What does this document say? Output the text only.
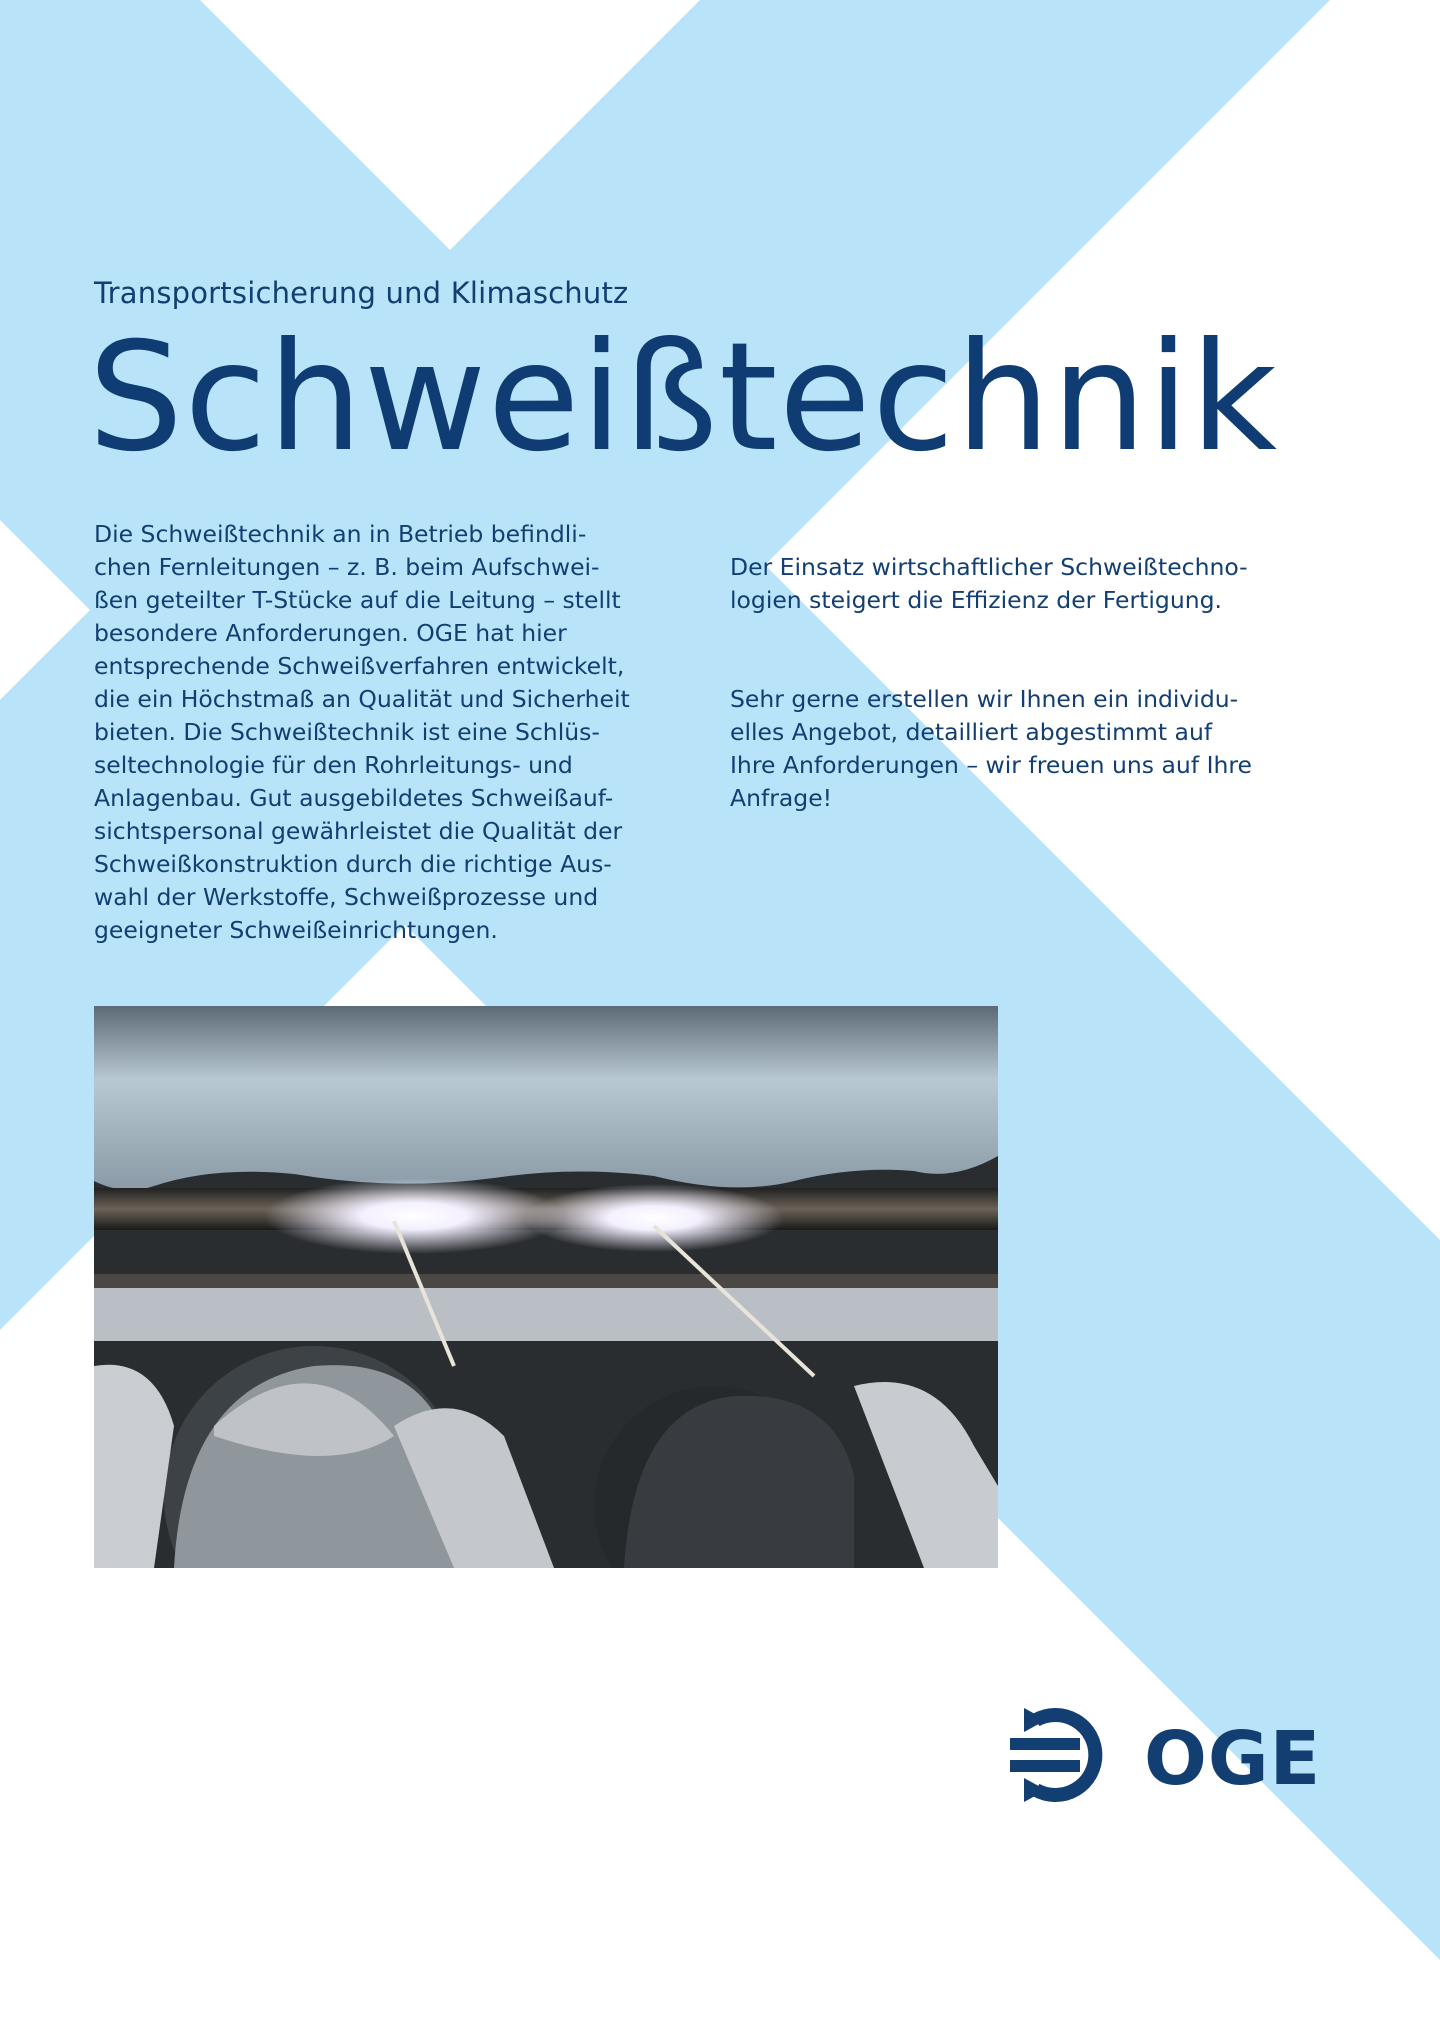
Transportsicherung und Klimaschutz
Schweißtechnik

Die Schweißtechnik an in Betrieb befindli-
chen Fernleitungen – z. B. beim Aufschwei-
ßen geteilter T-Stücke auf die Leitung – stellt
besondere Anforderungen. OGE hat hier
entsprechende Schweißverfahren entwickelt,
die ein Höchstmaß an Qualität und Sicherheit
bieten. Die Schweißtechnik ist eine Schlüs-
seltechnologie für den Rohrleitungs- und
Anlagenbau. Gut ausgebildetes Schweißauf-
sichtspersonal gewährleistet die Qualität der
Schweißkonstruktion durch die richtige Aus-
wahl der Werkstoffe, Schweißprozesse und
geeigneter Schweißeinrichtungen.

Der Einsatz wirtschaftlicher Schweißtechno-
logien steigert die Effizienz der Fertigung.

Sehr gerne erstellen wir Ihnen ein individu-
elles Angebot, detailliert abgestimmt auf
Ihre Anforderungen – wir freuen uns auf Ihre
Anfrage!

OGE
